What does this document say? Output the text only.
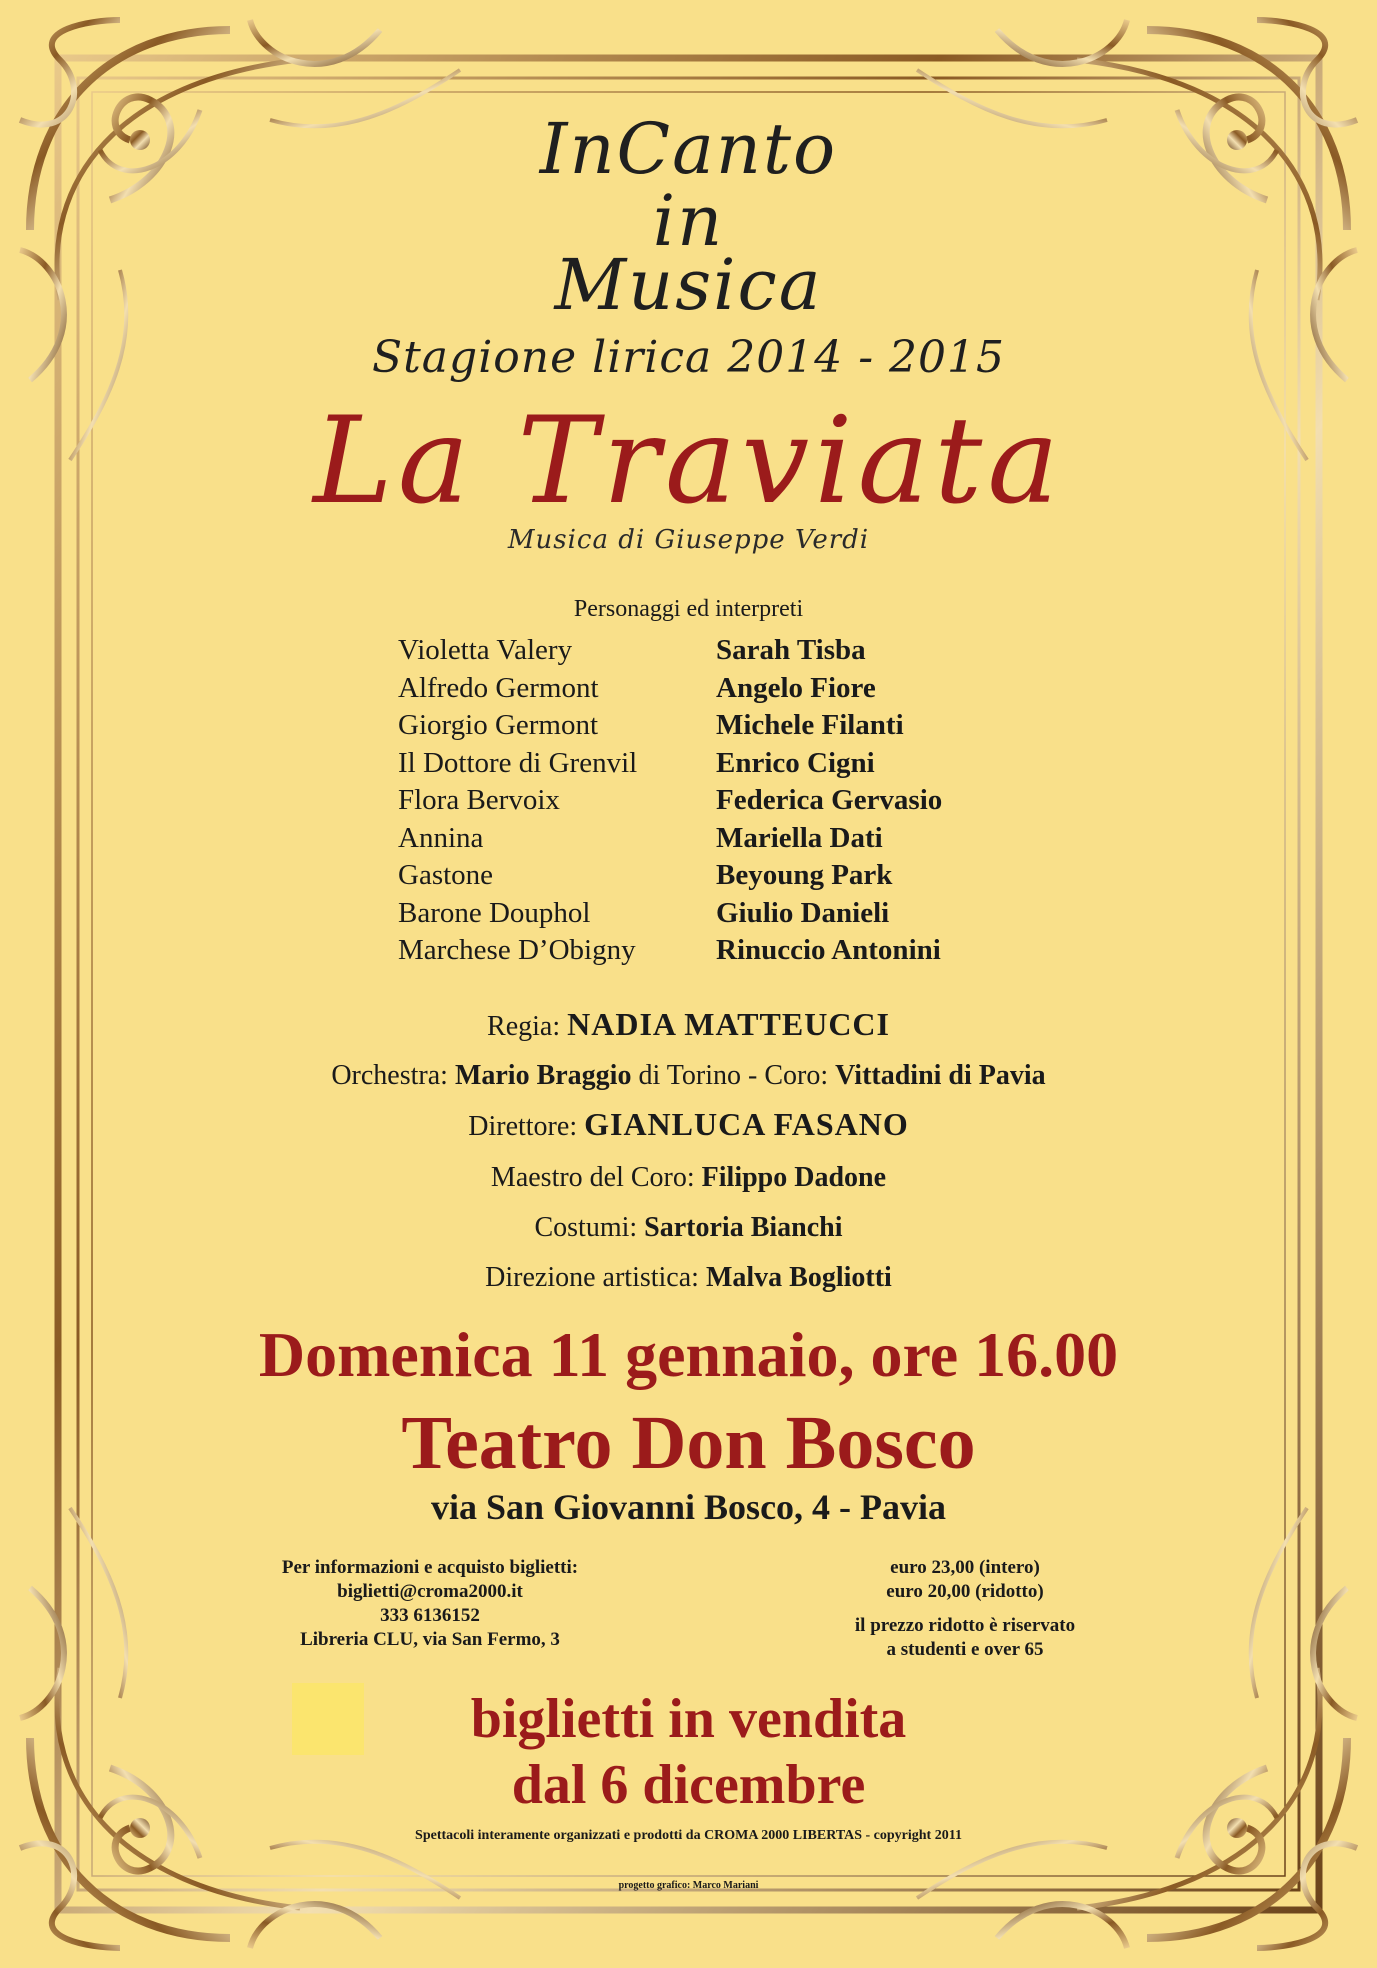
InCanto
in
Musica
Stagione lirica 2014 - 2015
La Traviata
Musica di Giuseppe Verdi
Personaggi ed interpreti
Violetta Valery	Sarah Tisba
Alfredo Germont	Angelo Fiore
Giorgio Germont	Michele Filanti
Il Dottore di Grenvil	Enrico Cigni
Flora Bervoix	Federica Gervasio
Annina	Mariella Dati
Gastone	Beyoung Park
Barone Douphol	Giulio Danieli
Marchese D’Obigny	Rinuccio Antonini
Regia: NADIA MATTEUCCI
Orchestra: Mario Braggio di Torino - Coro: Vittadini di Pavia
Direttore: GIANLUCA FASANO
Maestro del Coro: Filippo Dadone
Costumi: Sartoria Bianchi
Direzione artistica: Malva Bogliotti
Domenica 11 gennaio, ore 16.00
Teatro Don Bosco
via San Giovanni Bosco, 4 - Pavia
Per informazioni e acquisto biglietti:
biglietti@croma2000.it
333 6136152
Libreria CLU, via San Fermo, 3
euro 23,00 (intero)
euro 20,00 (ridotto)
il prezzo ridotto è riservato
a studenti e over 65
biglietti in vendita
dal 6 dicembre
Spettacoli interamente organizzati e prodotti da CROMA 2000 LIBERTAS - copyright 2011
progetto grafico: Marco Mariani
